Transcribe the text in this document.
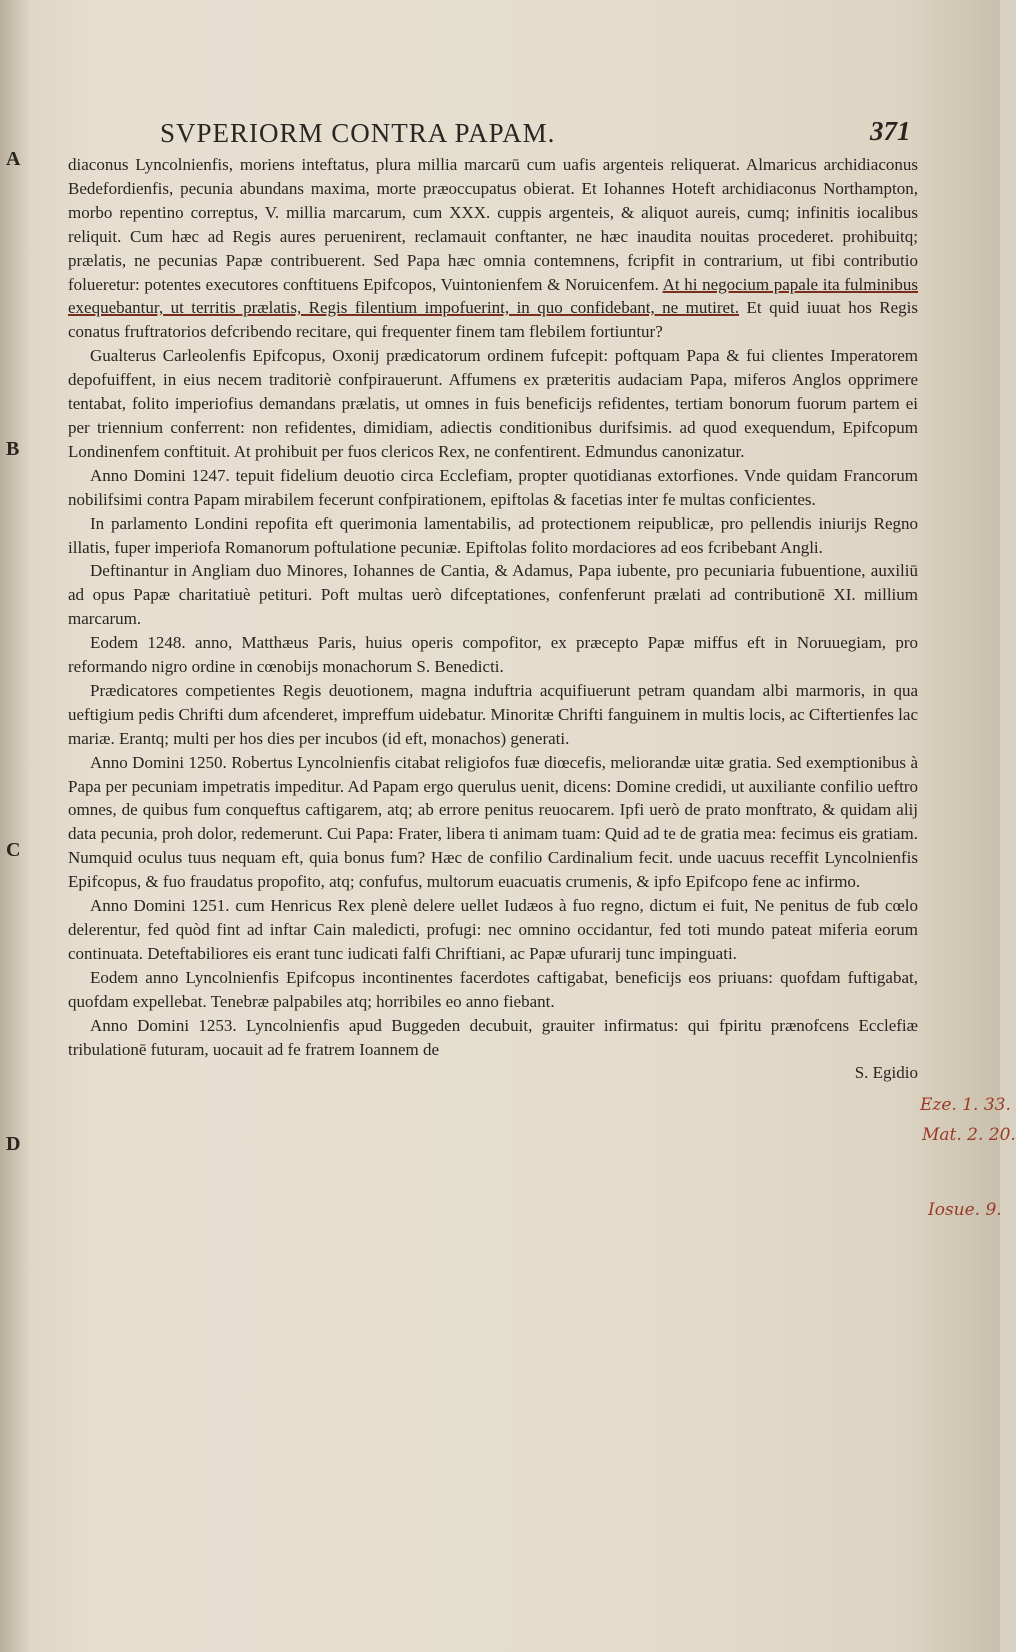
SVPERIORM CONTRA PAPAM.	371
A
B
C
D

diaconus Lyncolnienfis, moriens inteftatus, plura millia marcarū cum uafis argenteis reliquerat. Almaricus archidiaconus Bedefordienfis, pecunia abundans maxima, morte præoccupatus obierat. Et Iohannes Hoteft archidiaconus Northampton, morbo repentino correptus, V. millia marcarum, cum XXX. cuppis argenteis, & aliquot aureis, cumq; infinitis iocalibus reliquit. Cum hæc ad Regis aures peruenirent, reclamauit conftanter, ne hæc inaudita nouitas procederet. prohibuitq; prælatis, ne pecunias Papæ contribuerent. Sed Papa hæc omnia contemnens, fcripfit in contrarium, ut fibi contributio folueretur: potentes executores conftituens Epifcopos, Vuintonienfem & Noruicenfem. At hi negocium papale ita fulminibus exequebantur, ut territis prælatis, Regis filentium impofuerint, in quo confidebant, ne mutiret. Et quid iuuat hos Regis conatus fruftratorios defcribendo recitare, qui frequenter finem tam flebilem fortiuntur?

Gualterus Carleolenfis Epifcopus, Oxonij prædicatorum ordinem fufcepit: poftquam Papa & fui clientes Imperatorem depofuiffent, in eius necem traditoriè confpirauerunt. Affumens ex præteritis audaciam Papa, miferos Anglos opprimere tentabat, folito imperiofius demandans prælatis, ut omnes in fuis beneficijs refidentes, tertiam bonorum fuorum partem ei per triennium conferrent: non refidentes, dimidiam, adiectis conditionibus durifsimis. ad quod exequendum, Epifcopum Londinenfem conftituit. At prohibuit per fuos clericos Rex, ne confentirent. Edmundus canonizatur.

Anno Domini 1247. tepuit fidelium deuotio circa Ecclefiam, propter quotidianas extorfiones. Vnde quidam Francorum nobilifsimi contra Papam mirabilem fecerunt confpirationem, epiftolas & facetias inter fe multas conficientes.

In parlamento Londini repofita eft querimonia lamentabilis, ad protectionem reipublicæ, pro pellendis iniurijs Regno illatis, fuper imperiofa Romanorum poftulatione pecuniæ. Epiftolas folito mordaciores ad eos fcribebant Angli.

Deftinantur in Angliam duo Minores, Iohannes de Cantia, & Adamus, Papa iubente, pro pecuniaria fubuentione, auxiliū ad opus Papæ charitatiuè petituri. Poft multas uerò difceptationes, confenferunt prælati ad contributionē XI. millium marcarum.

Eodem 1248. anno, Matthæus Paris, huius operis compofitor, ex præcepto Papæ miffus eft in Noruuegiam, pro reformando nigro ordine in cœnobijs monachorum S. Benedicti.

Prædicatores competientes Regis deuotionem, magna induftria acquifiuerunt petram quandam albi marmoris, in qua ueftigium pedis Chrifti dum afcenderet, impreffum uidebatur. Minoritæ Chrifti fanguinem in multis locis, ac Ciftertienfes lac mariæ. Erantq; multi per hos dies per incubos (id eft, monachos) generati.

Anno Domini 1250. Robertus Lyncolnienfis citabat religiofos fuæ diœcefis, meliorandæ uitæ gratia. Sed exemptionibus à Papa per pecuniam impetratis impeditur. Ad Papam ergo querulus uenit, dicens: Domine credidi, ut auxiliante confilio ueftro omnes, de quibus fum conqueftus caftigarem, atq; ab errore penitus reuocarem. Ipfi uerò de prato monftrato, & quidam alij data pecunia, proh dolor, redemerunt. Cui Papa: Frater, libera ti animam tuam: Quid ad te de gratia mea: fecimus eis gratiam. Numquid oculus tuus nequam eft, quia bonus fum? Hæc de confilio Cardinalium fecit. unde uacuus receffit Lyncolnienfis Epifcopus, & fuo fraudatus propofito, atq; confufus, multorum euacuatis crumenis, & ipfo Epifcopo fene ac infirmo.

Anno Domini 1251. cum Henricus Rex plenè delere uellet Iudæos à fuo regno, dictum ei fuit, Ne penitus de fub cœlo delerentur, fed quòd fint ad inftar Cain maledicti, profugi: nec omnino occidantur, fed toti mundo pateat miferia eorum continuata. Deteftabiliores eis erant tunc iudicati falfi Chriftiani, ac Papæ ufurarij tunc impinguati.

Eodem anno Lyncolnienfis Epifcopus incontinentes facerdotes caftigabat, beneficijs eos priuans: quofdam fuftigabat, quofdam expellebat. Tenebræ palpabiles atq; horribiles eo anno fiebant.

Anno Domini 1253. Lyncolnienfis apud Buggeden decubuit, grauiter infirmatus: qui fpiritu prænofcens Ecclefiæ tribulationē futuram, uocauit ad fe fratrem Ioannem de

S. Egidio
Eze. 1. 33.
Mat. 2. 20.
Iosue. 9.
